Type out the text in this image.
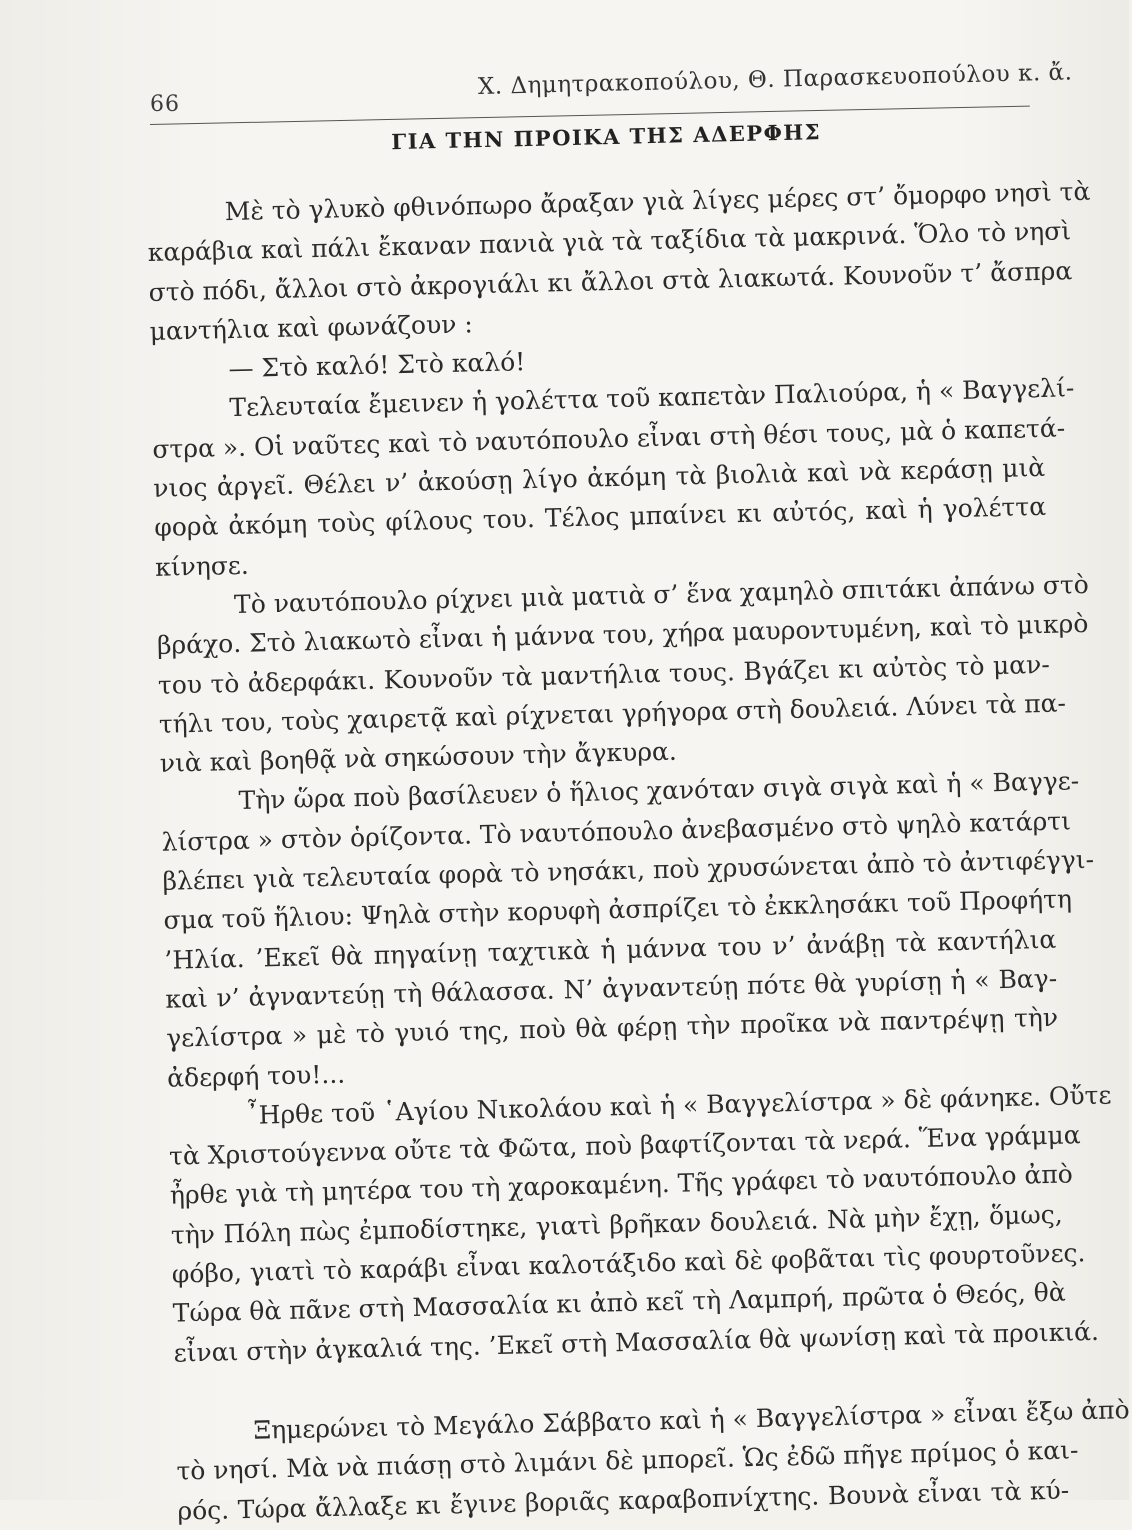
66
Χ. Δημητρακοπούλου, Θ. Παρασκευοπούλου κ. ἄ.
ΓΙΑ ΤΗΝ ΠΡΟΙΚΑ ΤΗΣ ΑΔΕΡΦΗΣ
Μὲ τὸ γλυκὸ φθινόπωρο ἄραξαν γιὰ λίγες μέρες στ’ ὄμορφο νησὶ τὰ
καράβια καὶ πάλι ἔκαναν πανιὰ γιὰ τὰ ταξίδια τὰ μακρινά. Ὅλο τὸ νησὶ
στὸ πόδι, ἄλλοι στὸ ἀκρογιάλι κι ἄλλοι στὰ λιακωτά. Κουνοῦν τ’ ἄσπρα
μαντήλια καὶ φωνάζουν :
— Στὸ καλό! Στὸ καλό!
Τελευταία ἔμεινεν ἡ γολέττα τοῦ καπετὰν Παλιούρα, ἡ « Βαγγελί-
στρα ». Οἱ ναῦτες καὶ τὸ ναυτόπουλο εἶναι στὴ θέσι τους, μὰ ὁ καπετά-
νιος ἀργεῖ. Θέλει ν’ ἀκούσῃ λίγο ἀκόμη τὰ βιολιὰ καὶ νὰ κεράσῃ μιὰ
φορὰ ἀκόμη τοὺς φίλους του. Τέλος μπαίνει κι αὐτός, καὶ ἡ γολέττα
κίνησε.
Τὸ ναυτόπουλο ρίχνει μιὰ ματιὰ σ’ ἕνα χαμηλὸ σπιτάκι ἀπάνω στὸ
βράχο. Στὸ λιακωτὸ εἶναι ἡ μάννα του, χήρα μαυροντυμένη, καὶ τὸ μικρὸ
του τὸ ἀδερφάκι. Κουνοῦν τὰ μαντήλια τους. Βγάζει κι αὐτὸς τὸ μαν-
τήλι του, τοὺς χαιρετᾷ καὶ ρίχνεται γρήγορα στὴ δουλειά. Λύνει τὰ πα-
νιὰ καὶ βοηθᾷ νὰ σηκώσουν τὴν ἄγκυρα.
Τὴν ὥρα ποὺ βασίλευεν ὁ ἥλιος χανόταν σιγὰ σιγὰ καὶ ἡ « Βαγγε-
λίστρα » στὸν ὁρίζοντα. Τὸ ναυτόπουλο ἀνεβασμένο στὸ ψηλὸ κατάρτι
βλέπει γιὰ τελευταία φορὰ τὸ νησάκι, ποὺ χρυσώνεται ἀπὸ τὸ ἀντιφέγγι-
σμα τοῦ ἥλιου: Ψηλὰ στὴν κορυφὴ ἀσπρίζει τὸ ἐκκλησάκι τοῦ Προφήτη
’Ηλία. ’Εκεῖ θὰ πηγαίνῃ ταχτικὰ ἡ μάννα του ν’ ἀνάβῃ τὰ καντήλια
καὶ ν’ ἀγναντεύῃ τὴ θάλασσα. Ν’ ἀγναντεύῃ πότε θὰ γυρίσῃ ἡ « Βαγ-
γελίστρα » μὲ τὸ γυιό της, ποὺ θὰ φέρῃ τὴν προῖκα νὰ παντρέψῃ τὴν
ἀδερφή του!...
῏Ηρθε τοῦ ῾Αγίου Νικολάου καὶ ἡ « Βαγγελίστρα » δὲ φάνηκε. Οὔτε
τὰ Χριστούγεννα οὔτε τὰ Φῶτα, ποὺ βαφτίζονται τὰ νερά. Ἕνα γράμμα
ἦρθε γιὰ τὴ μητέρα του τὴ χαροκαμένη. Τῆς γράφει τὸ ναυτόπουλο ἀπὸ
τὴν Πόλη πὼς ἐμποδίστηκε, γιατὶ βρῆκαν δουλειά. Νὰ μὴν ἔχῃ, ὅμως,
φόβο, γιατὶ τὸ καράβι εἶναι καλοτάξιδο καὶ δὲ φοβᾶται τὶς φουρτοῦνες.
Τώρα θὰ πᾶνε στὴ Μασσαλία κι ἀπὸ κεῖ τὴ Λαμπρή, πρῶτα ὁ Θεός, θὰ
εἶναι στὴν ἀγκαλιά της. ’Εκεῖ στὴ Μασσαλία θὰ ψωνίσῃ καὶ τὰ προικιά.
Ξημερώνει τὸ Μεγάλο Σάββατο καὶ ἡ « Βαγγελίστρα » εἶναι ἔξω ἀπὸ
τὸ νησί. Μὰ νὰ πιάσῃ στὸ λιμάνι δὲ μπορεῖ. Ὡς ἐδῶ πῆγε πρίμος ὁ και-
ρός. Τώρα ἄλλαξε κι ἔγινε βοριᾶς καραβοπνίχτης. Βουνὰ εἶναι τὰ κύ-
